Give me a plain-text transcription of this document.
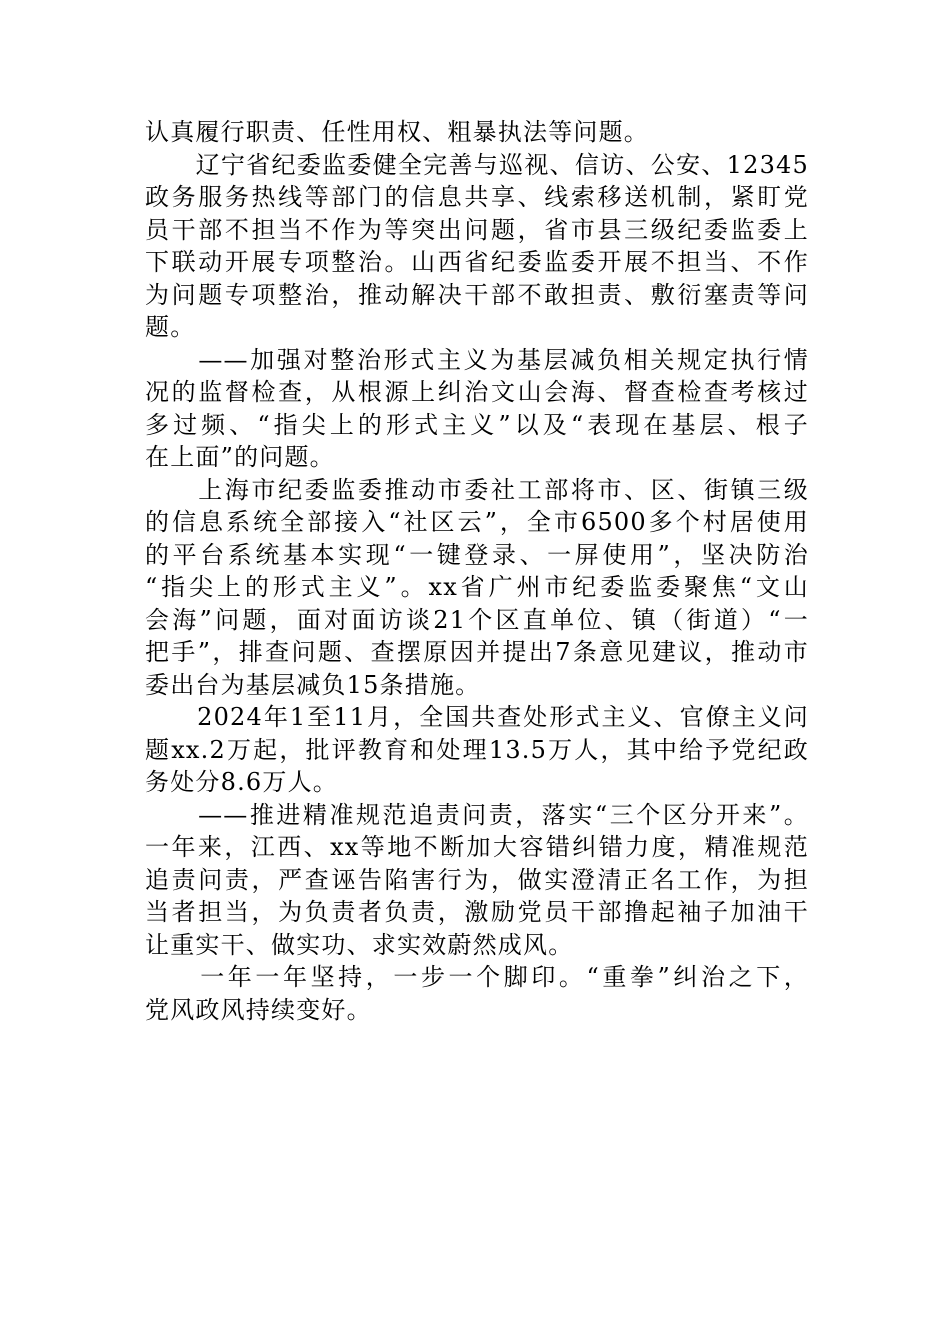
认真履行职责、任性用权、粗暴执法等问题。
　　辽宁省纪委监委健全完善与巡视、信访、公安、12345
政务服务热线等部门的信息共享、线索移送机制，紧盯党
员干部不担当不作为等突出问题，省市县三级纪委监委上
下联动开展专项整治。山西省纪委监委开展不担当、不作
为问题专项整治，推动解决干部不敢担责、敷衍塞责等问
题。
　　——加强对整治形式主义为基层减负相关规定执行情
况的监督检查，从根源上纠治文山会海、督查检查考核过
多过频、“指尖上的形式主义”以及“表现在基层、根子
在上面”的问题。
　　上海市纪委监委推动市委社工部将市、区、街镇三级
的信息系统全部接入“社区云”，全市6500多个村居使用
的平台系统基本实现“一键登录、一屏使用”，坚决防治
“指尖上的形式主义”。xx省广州市纪委监委聚焦“文山
会海”问题，面对面访谈21个区直单位、镇（街道）“一
把手”，排查问题、查摆原因并提出7条意见建议，推动市
委出台为基层减负15条措施。
　　2024年1至11月，全国共查处形式主义、官僚主义问
题xx.2万起，批评教育和处理13.5万人，其中给予党纪政
务处分8.6万人。
　　——推进精准规范追责问责，落实“三个区分开来”。
一年来，江西、xx等地不断加大容错纠错力度，精准规范
追责问责，严查诬告陷害行为，做实澄清正名工作，为担
当者担当，为负责者负责，激励党员干部撸起袖子加油干
让重实干、做实功、求实效蔚然成风。
　　一年一年坚持，一步一个脚印。“重拳”纠治之下，
党风政风持续变好。
